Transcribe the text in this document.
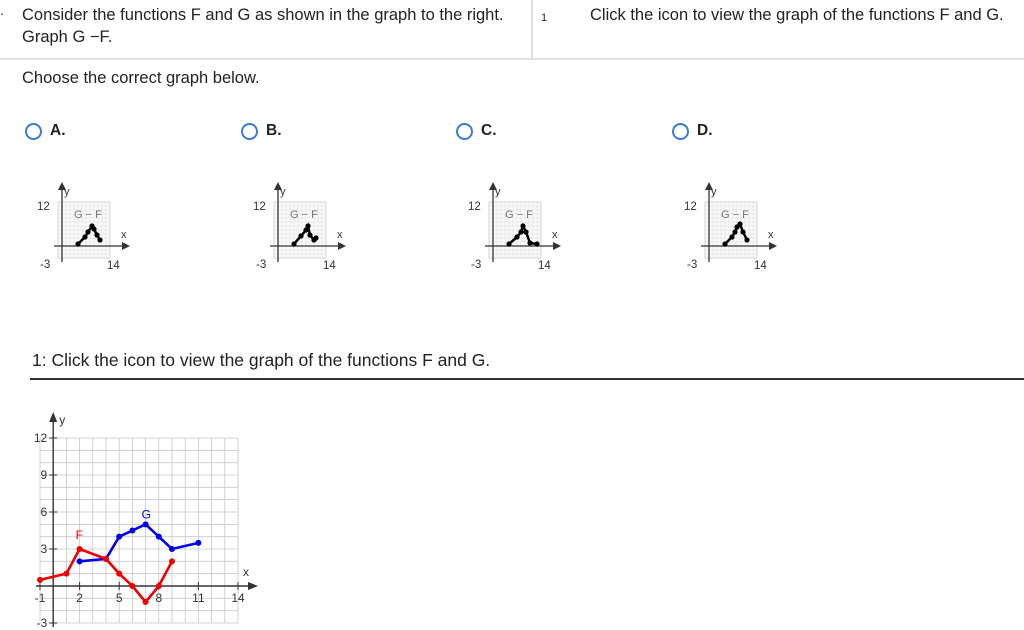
. Consider the functions F and G as shown in the graph to the right. Graph G −F.
1	Click the icon to view the graph of the functions F and G.
Choose the correct graph below.
A.	B.	C.	D.
y
x
12
-3	14
G − F
y
x
12
-3	14
G − F
y
x
12
-3	14
G − F
y
x
12
-3	14
G − F
1: Click the icon to view the graph of the functions F and G.
-1	2	5	8	11 14
12
9
6
3
-3
G
F
x
y
